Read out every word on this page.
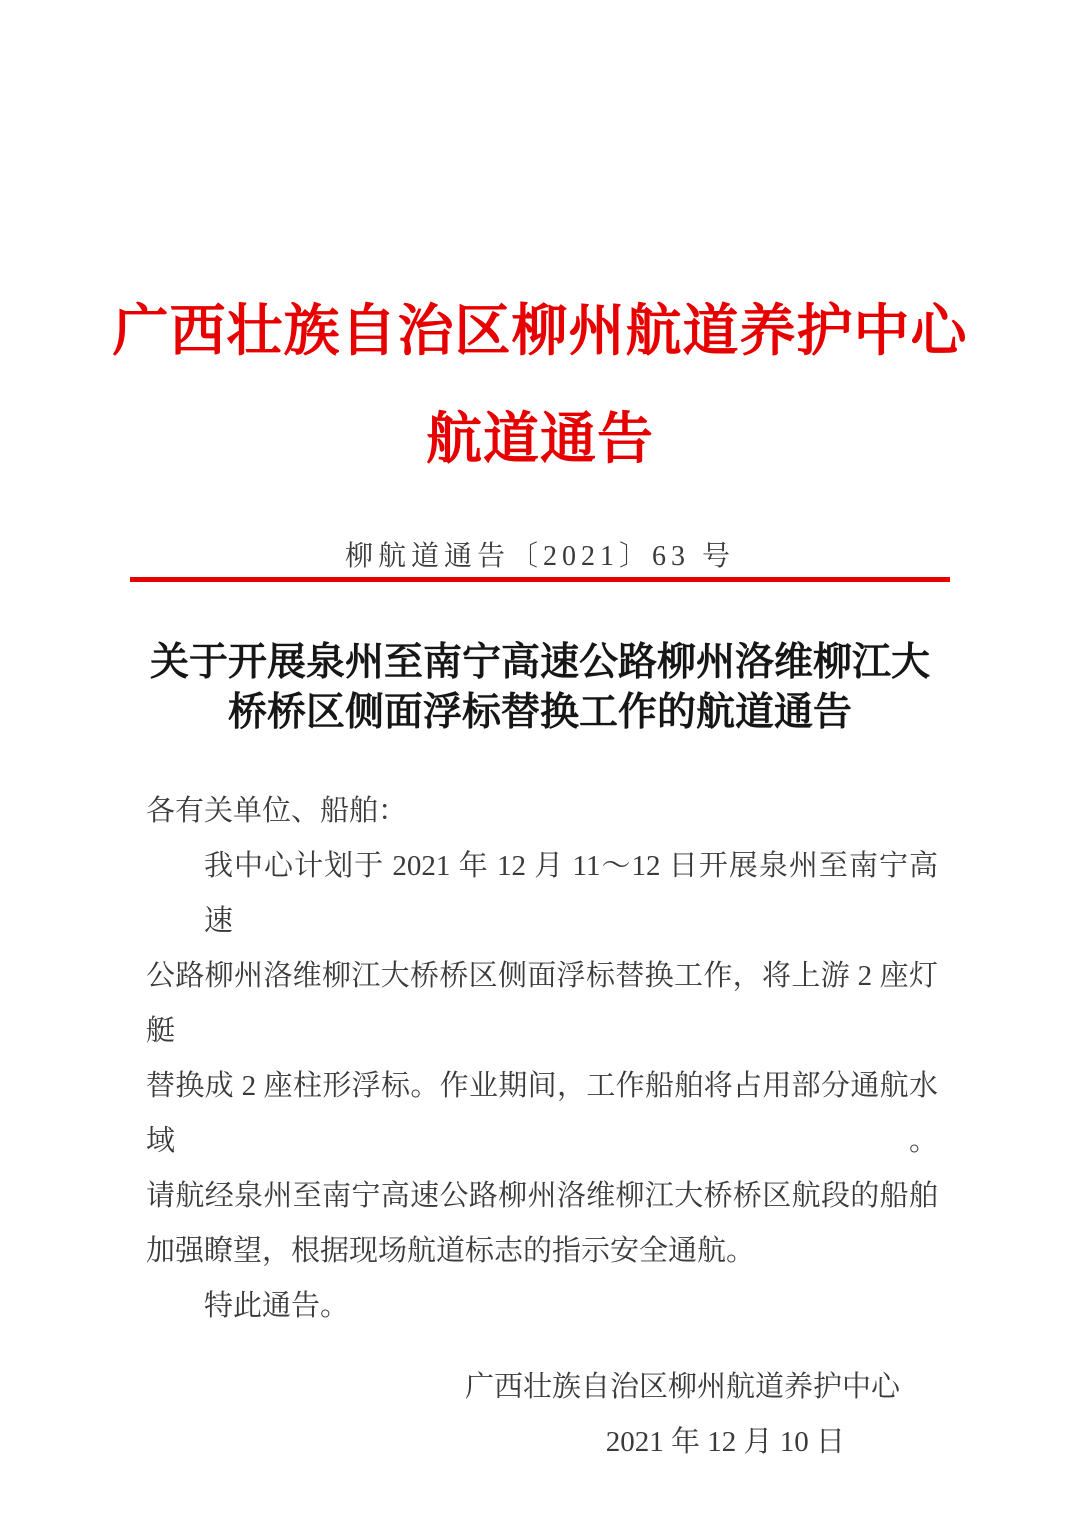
广西壮族自治区柳州航道养护中心
航道通告
柳航道通告〔2021〕63 号
关于开展泉州至南宁高速公路柳州洛维柳江大
桥桥区侧面浮标替换工作的航道通告

各有关单位、船舶：

我中心计划于 2021 年 12 月 11～12 日开展泉州至南宁高速

公路柳州洛维柳江大桥桥区侧面浮标替换工作，将上游 2 座灯艇

替换成 2 座柱形浮标。作业期间，工作船舶将占用部分通航水域。

请航经泉州至南宁高速公路柳州洛维柳江大桥桥区航段的船舶

加强瞭望，根据现场航道标志的指示安全通航。

特此通告。

广西壮族自治区柳州航道养护中心
2021 年 12 月 10 日
